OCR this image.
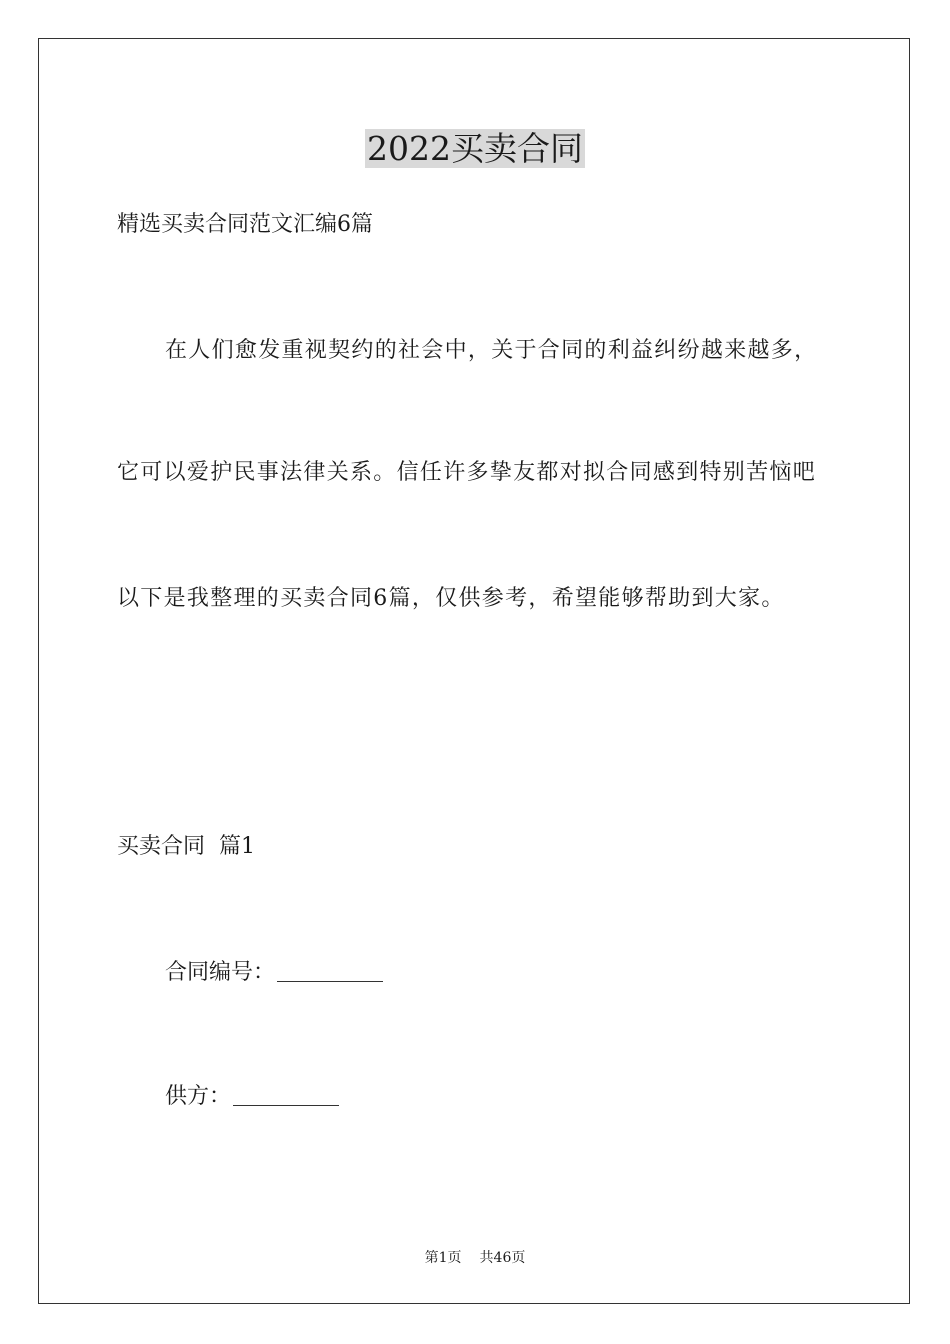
2022买卖合同
精选买卖合同范文汇编6篇
在人们愈发重视契约的社会中，关于合同的利益纠纷越来越多，
它可以爱护民事法律关系。信任许多挚友都对拟合同感到特别苦恼吧
以下是我整理的买卖合同6篇，仅供参考，希望能够帮助到大家。
买卖合同  篇1
合同编号：
供方：
第1页 共46页
